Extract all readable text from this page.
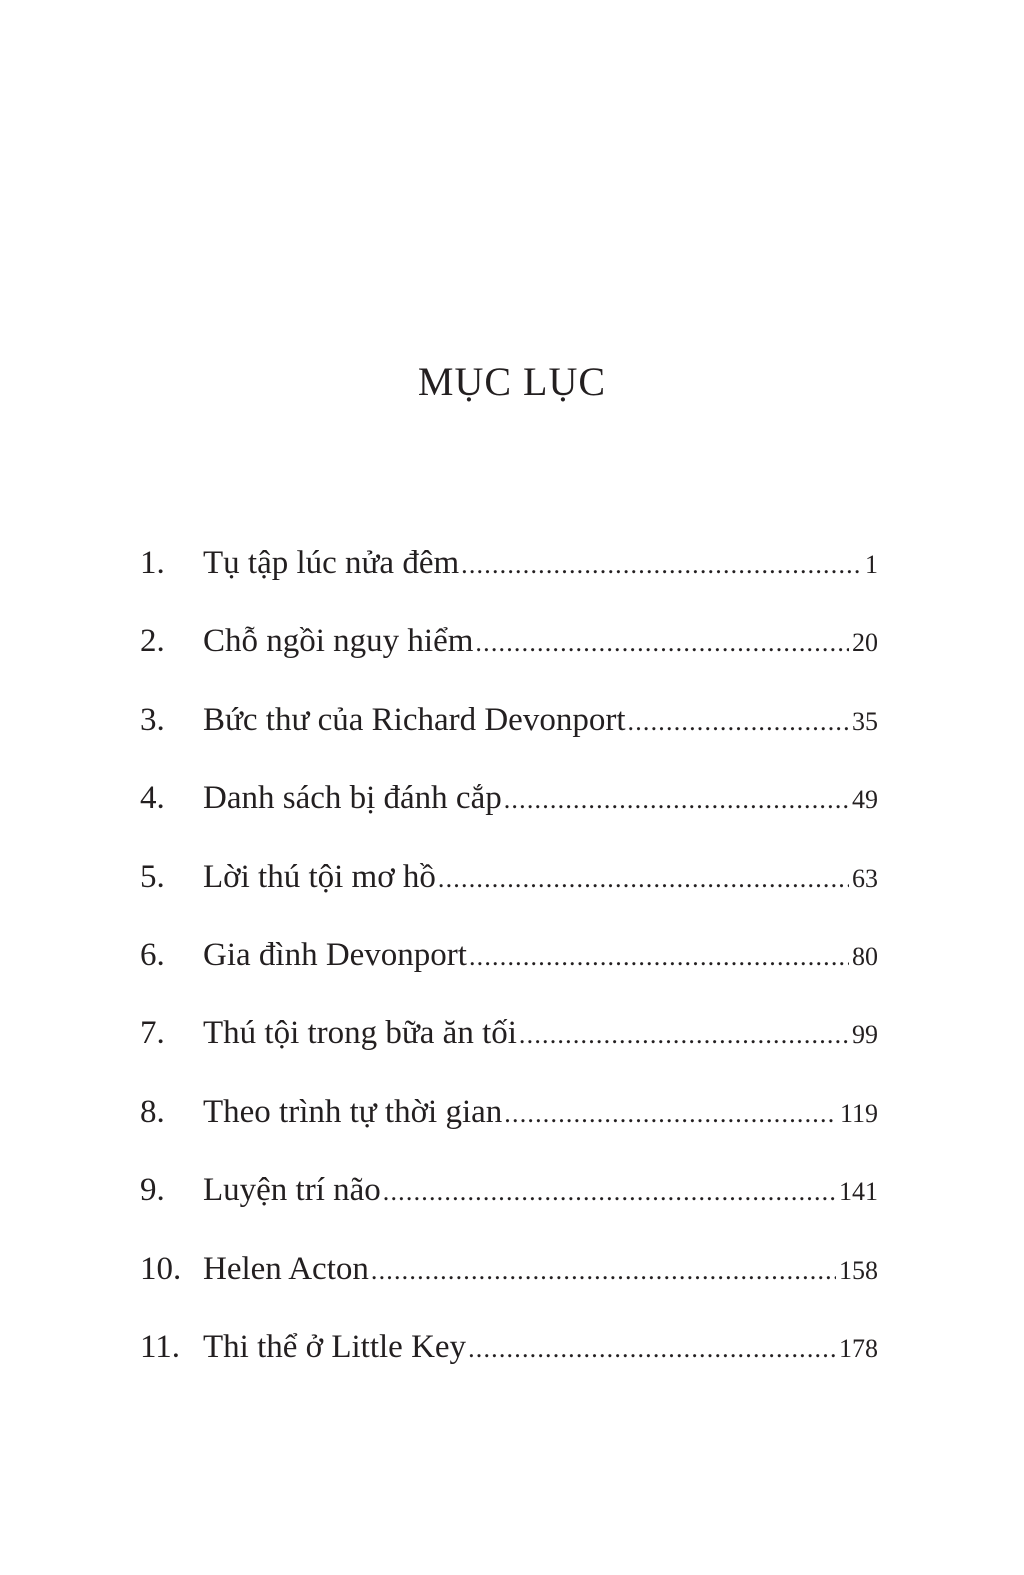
MỤC LỤC
1.	Tụ tập lúc nửa đêm .....	1
2.	Chỗ ngồi nguy hiểm .....	20
3.	Bức thư của Richard Devonport .....	35
4.	Danh sách bị đánh cắp .....	49
5.	Lời thú tội mơ hồ .....	63
6.	Gia đình Devonport .....	80
7.	Thú tội trong bữa ăn tối .....	99
8.	Theo trình tự thời gian .....	119
9.	Luyện trí não .....	141
10. Helen Acton .....	158
11. Thi thể ở Little Key .....	178
